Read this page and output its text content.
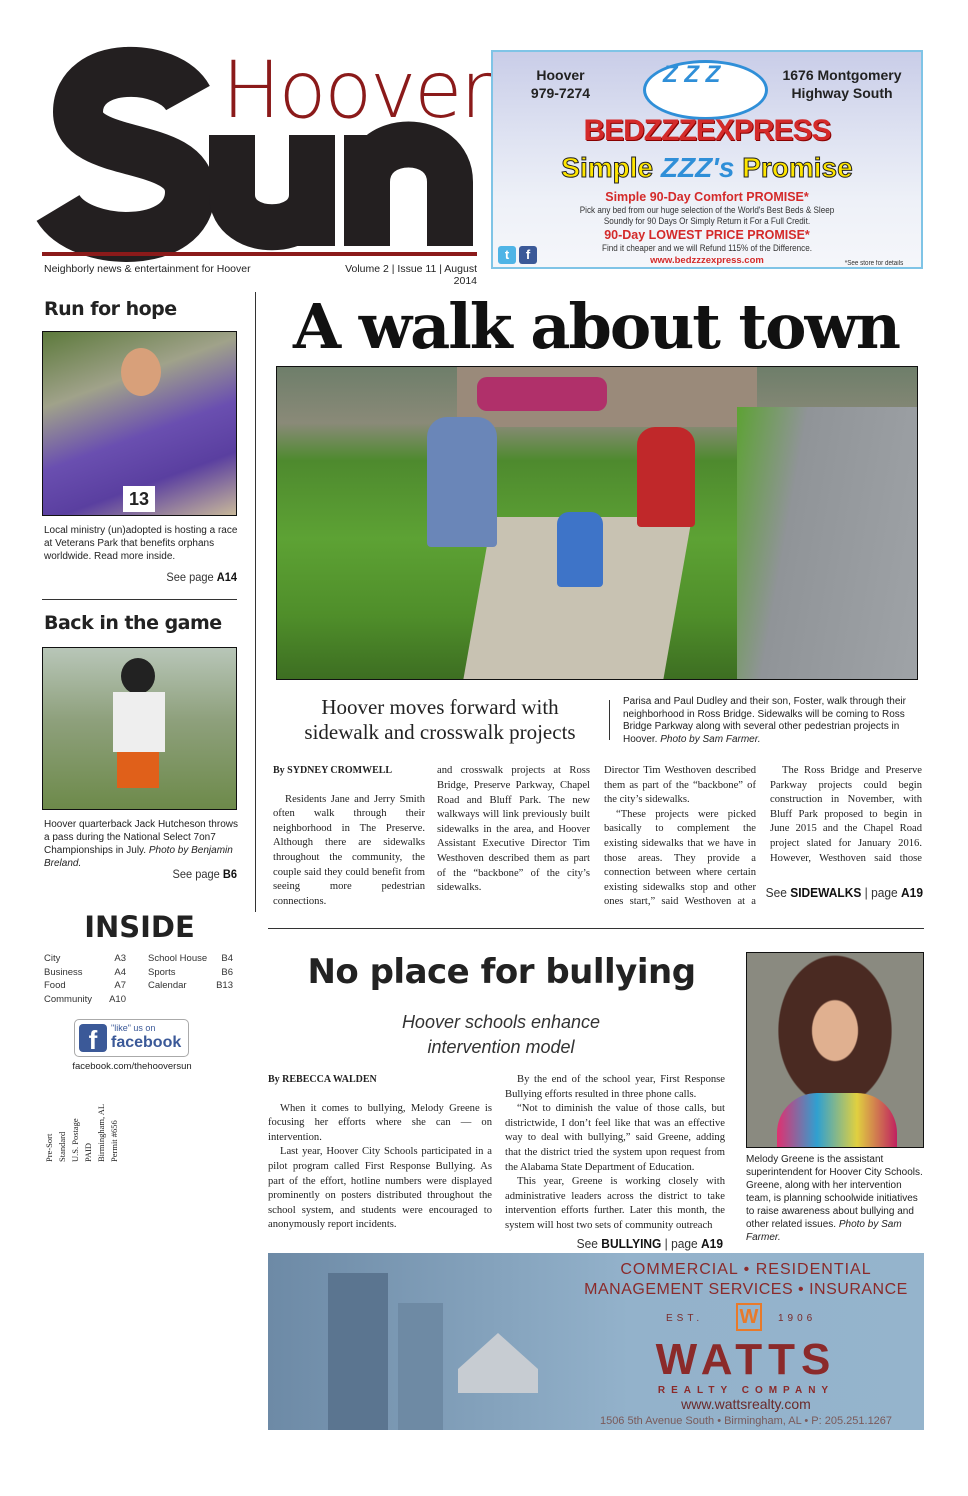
Hoover
Neighborly news & entertainment for Hoover	Volume 2 | Issue 11 | August 2014
Hoover
979-7274
1676 Montgomery
Highway South
Z Z Z
BEDZZZEXPRESS
Simple ZZZ's Promise
Simple 90-Day Comfort PROMISE*
Pick any bed from our huge selection of the World's Best Beds & Sleep
Soundly for 90 Days Or Simply Return it For a Full Credit.
90-Day LOWEST PRICE PROMISE*
Find it cheaper and we will Refund 115% of the Difference.
www.bedzzzexpress.com	*See store for details
t	f
Run for hope
13
Local ministry (un)adopted is hosting a race at Veterans Park that benefits orphans worldwide. Read more inside.
See page A14
Back in the game
Hoover quarterback Jack Hutcheson throws a pass during the National Select 7on7 Championships in July. Photo by Benjamin Breland.
See page B6
INSIDE
City	A3
Business	A4
Food	A7
Community A10
School House B4
Sports	B6
Calendar	B13
f	"like" us on
facebook
facebook.com/thehooversun
Pre-Sort Standard U.S. Postage PAID Birmingham, AL Permit #656
A walk about town
Hoover moves forward with sidewalk and crosswalk projects
Parisa and Paul Dudley and their son, Foster, walk through their neighborhood in Ross Bridge. Sidewalks will be coming to Ross Bridge Parkway along with several other pedestrian projects in Hoover. Photo by Sam Farmer.

By SYDNEY CROMWELL

Residents Jane and Jerry Smith often walk through their neighborhood in The Preserve. Although there are sidewalks throughout the community, the couple said they could benefit from seeing more pedestrian connections.

and crosswalk projects at Ross Bridge, Preserve Parkway, Chapel Road and Bluff Park. The new walkways will link previously built sidewalks in the area, and Hoover Assistant Executive Director Tim Westhoven described them as part of the “backbone” of the city’s sidewalks.

Director Tim Westhoven described them as part of the “backbone” of the city’s sidewalks.

“These projects were picked basically to complement the existing sidewalks that we have in those areas. They provide a connection between where certain existing sidewalks stop and other ones start,” said Westhoven at a

The Ross Bridge and Preserve Parkway projects could begin construction in November, with Bluff Park proposed to begin in June 2015 and the Chapel Road project slated for January 2016. However, Westhoven said those

See SIDEWALKS | page A19
No place for bullying
Hoover schools enhance intervention model

By REBECCA WALDEN

When it comes to bullying, Melody Greene is focusing her efforts where she can — on intervention.

Last year, Hoover City Schools participated in a pilot program called First Response Bullying. As part of the effort, hotline numbers were displayed prominently on posters distributed throughout the school system, and students were encouraged to anonymously report incidents.

By the end of the school year, First Response Bullying efforts resulted in three phone calls.

“Not to diminish the value of those calls, but districtwide, I don’t feel like that was an effective way to deal with bullying,” said Greene, adding that the district tried the system upon request from the Alabama State Department of Education.

This year, Greene is working closely with administrative leaders across the district to take intervention efforts further. Later this month, the system will host two sets of community outreach

See BULLYING | page A19
Melody Greene is the assistant superintendent for Hoover City Schools. Greene, along with her intervention team, is planning schoolwide initiatives to raise awareness about bullying and other related issues. Photo by Sam Farmer.
COMMERCIAL • RESIDENTIAL
MANAGEMENT SERVICES • INSURANCE
EST. W	1906
WATTS
REALTY COMPANY
www.wattsrealty.com
1506 5th Avenue South • Birmingham, AL • P: 205.251.1267
